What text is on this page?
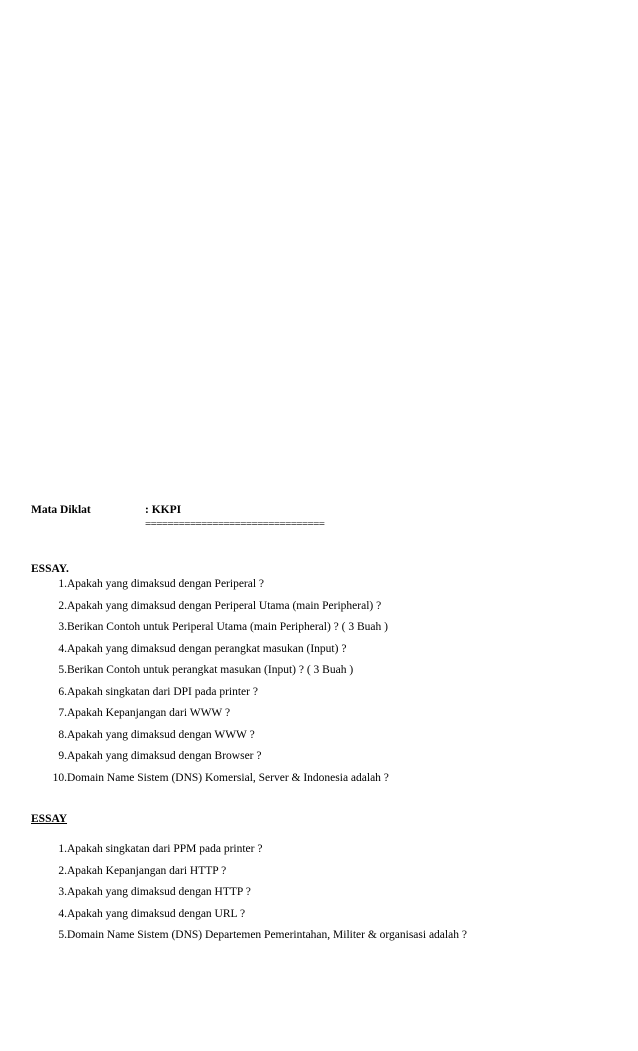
Mata Diklat	: KKPI
================================
ESSAY.
1. Apakah yang dimaksud dengan Periperal ?
2. Apakah yang dimaksud dengan Periperal Utama (main Peripheral) ?
3. Berikan Contoh untuk Periperal Utama (main Peripheral) ? ( 3 Buah )
4. Apakah yang dimaksud dengan perangkat masukan (Input) ?
5. Berikan Contoh untuk perangkat masukan (Input) ? ( 3 Buah )
6. Apakah singkatan dari DPI pada printer ?
7. Apakah Kepanjangan dari WWW ?
8. Apakah yang dimaksud dengan WWW ?
9. Apakah yang dimaksud dengan Browser ?
10. Domain Name Sistem (DNS) Komersial, Server & Indonesia adalah ?
ESSAY
1. Apakah singkatan dari PPM pada printer ?
2. Apakah Kepanjangan dari HTTP ?
3. Apakah yang dimaksud dengan HTTP ?
4. Apakah yang dimaksud dengan URL ?
5. Domain Name Sistem (DNS) Departemen Pemerintahan, Militer & organisasi adalah ?
